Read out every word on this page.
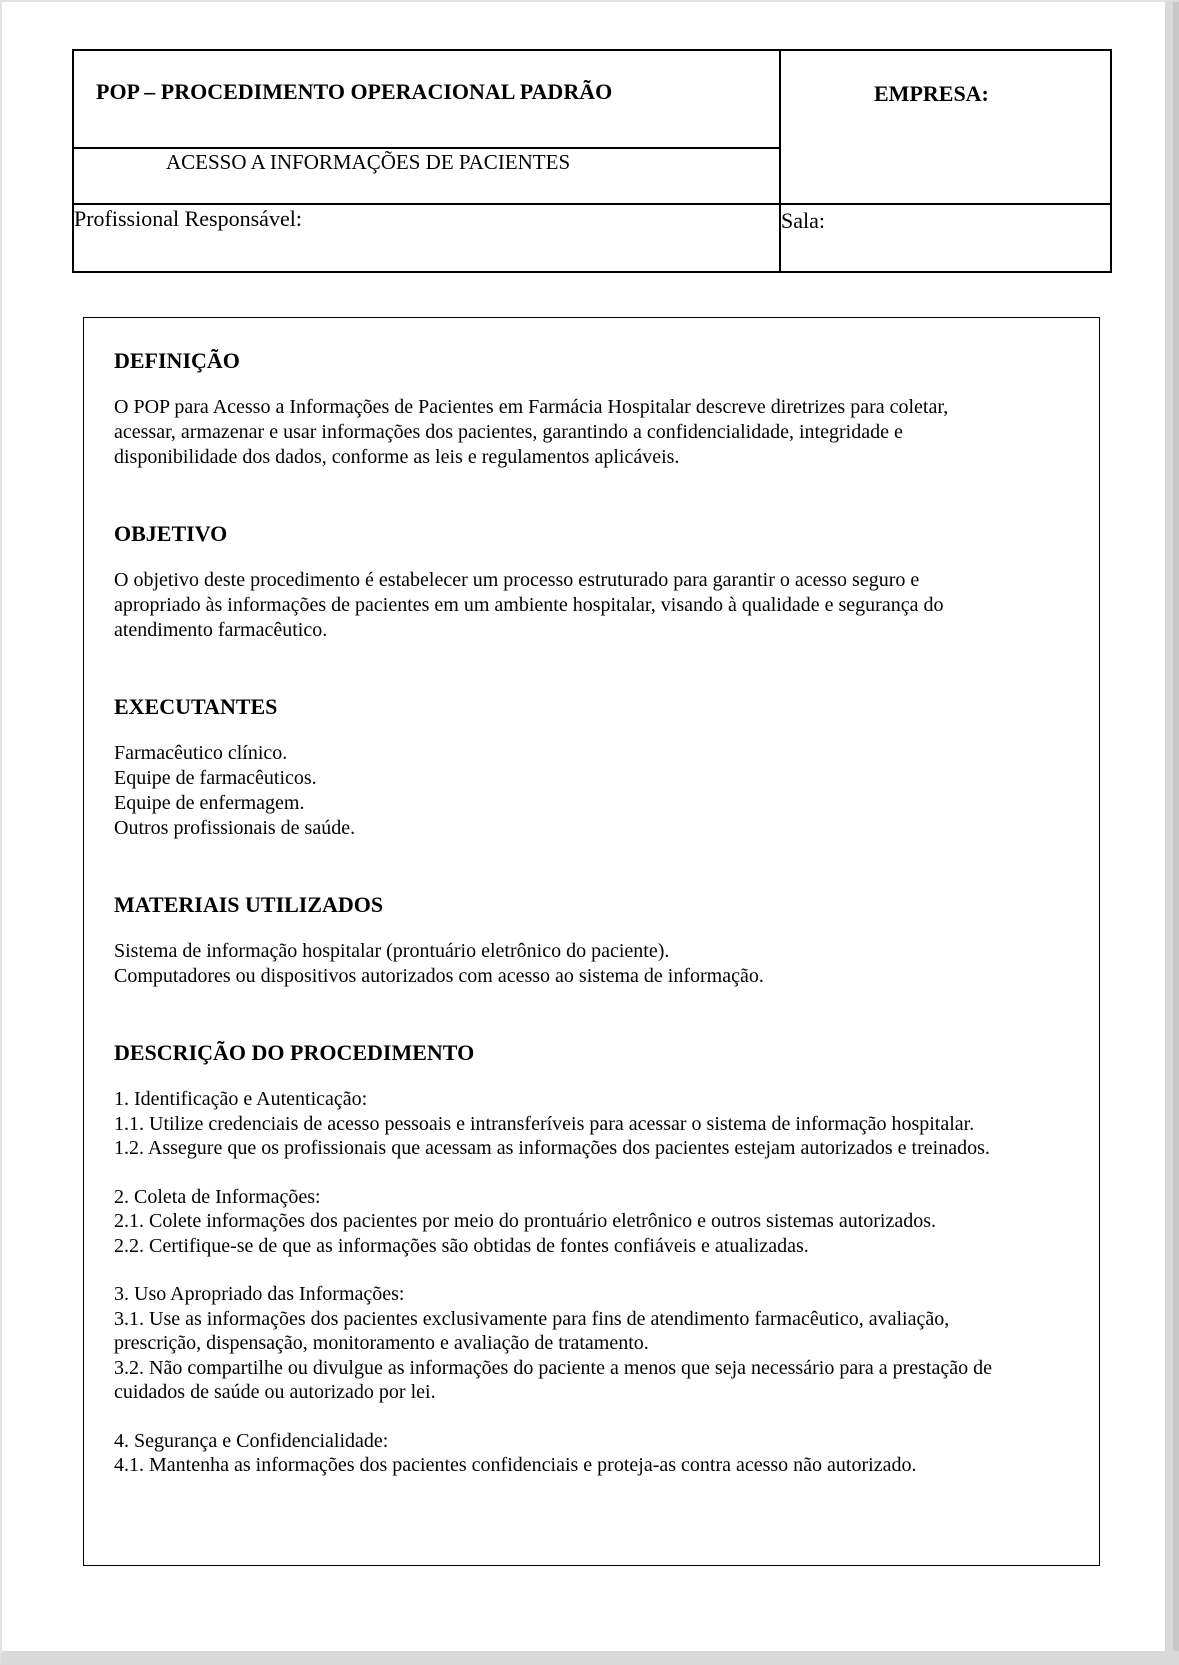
POP – PROCEDIMENTO OPERACIONAL PADRÃO	EMPRESA:
ACESSO A INFORMAÇÕES DE PACIENTES
Profissional Responsável:	Sala:
DEFINIÇÃO
O POP para Acesso a Informações de Pacientes em Farmácia Hospitalar descreve diretrizes para coletar,
acessar, armazenar e usar informações dos pacientes, garantindo a confidencialidade, integridade e
disponibilidade dos dados, conforme as leis e regulamentos aplicáveis.
OBJETIVO
O objetivo deste procedimento é estabelecer um processo estruturado para garantir o acesso seguro e
apropriado às informações de pacientes em um ambiente hospitalar, visando à qualidade e segurança do
atendimento farmacêutico.
EXECUTANTES
Farmacêutico clínico.
Equipe de farmacêuticos.
Equipe de enfermagem.
Outros profissionais de saúde.
MATERIAIS UTILIZADOS
Sistema de informação hospitalar (prontuário eletrônico do paciente).
Computadores ou dispositivos autorizados com acesso ao sistema de informação.
DESCRIÇÃO DO PROCEDIMENTO
1. Identificação e Autenticação:
1.1. Utilize credenciais de acesso pessoais e intransferíveis para acessar o sistema de informação hospitalar.
1.2. Assegure que os profissionais que acessam as informações dos pacientes estejam autorizados e treinados.
2. Coleta de Informações:
2.1. Colete informações dos pacientes por meio do prontuário eletrônico e outros sistemas autorizados.
2.2. Certifique-se de que as informações são obtidas de fontes confiáveis e atualizadas.
3. Uso Apropriado das Informações:
3.1. Use as informações dos pacientes exclusivamente para fins de atendimento farmacêutico, avaliação,
prescrição, dispensação, monitoramento e avaliação de tratamento.
3.2. Não compartilhe ou divulgue as informações do paciente a menos que seja necessário para a prestação de
cuidados de saúde ou autorizado por lei.
4. Segurança e Confidencialidade:
4.1. Mantenha as informações dos pacientes confidenciais e proteja-as contra acesso não autorizado.
